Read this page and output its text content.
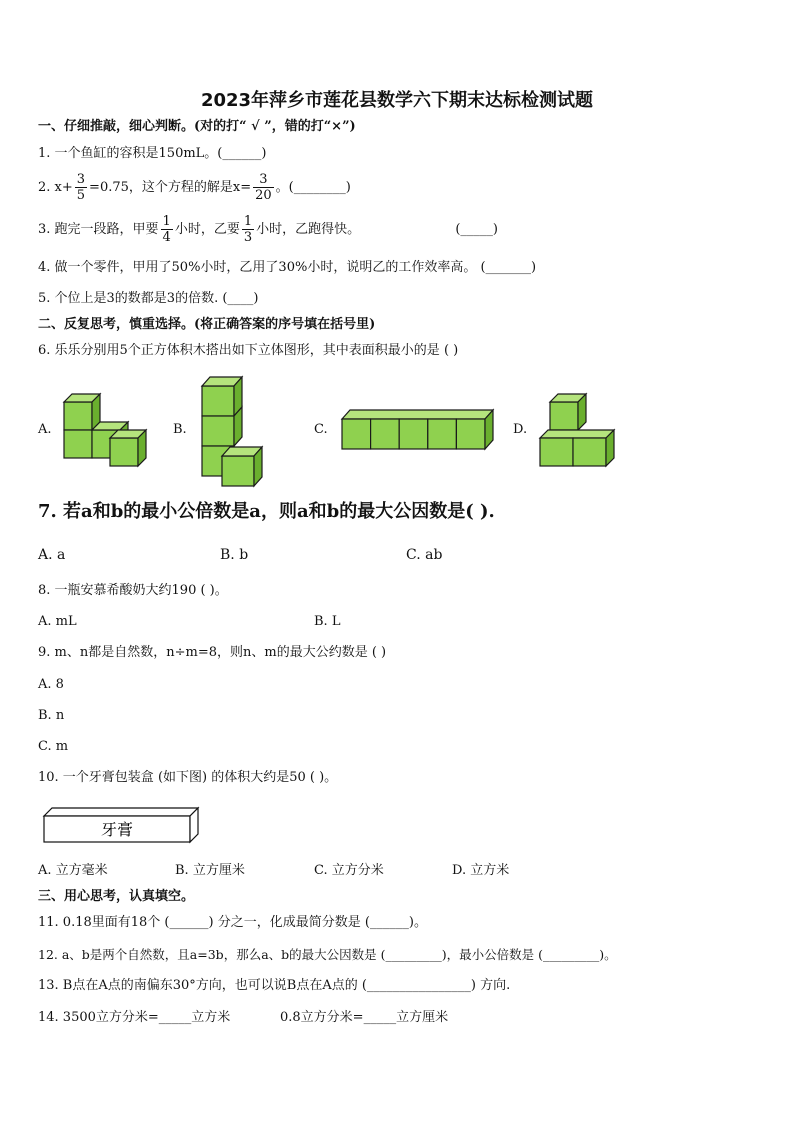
2023年萍乡市莲花县数学六下期末达标检测试题
一、仔细推敲，细心判断。(对的打“ √ ”，错的打“×”)
1. 一个鱼缸的容积是150mL。(______)
2. $x+ \frac{3}{5} =0.75$，这个方程的解是$x= \frac{3}{20}$ 。(________)
3. 跑完一段路，甲要 $\frac{1}{4}$ 小时，乙要 $\frac{1}{3}$ 小时，乙跑得快。	(_____)
4. 做一个零件，甲用了50%小时，乙用了30%小时，说明乙的工作效率高。 (_______)
5. 个位上是3的数都是3的倍数. (____)
二、反复思考，慎重选择。(将正确答案的序号填在括号里)
6. 乐乐分别用5个正方体积木搭出如下立体图形，其中表面积最小的是 ( )
A.	B.	C.	D.
7. 若a和b的最小公倍数是a，则a和b的最大公因数是( ).
A. a	B. b	C. ab
8. 一瓶安慕希酸奶大约190 ( )。
A. mL	B. L
9. m、n都是自然数，n÷m=8，则n、m的最大公约数是 ( )
A. 8
B. n
C. m
10. 一个牙膏包装盒 (如下图) 的体积大约是50 ( )。
牙膏
A. 立方毫米	B. 立方厘米	C. 立方分米	D. 立方米
三、用心思考，认真填空。
11. 0.18里面有18个 (______) 分之一，化成最简分数是 (______)。
12. a、b是两个自然数，且a=3b，那么a、b的最大公因数是 (_________)，最小公倍数是 (_________)。
13. B点在A点的南偏东30°方向，也可以说B点在A点的 (________________) 方向.
14. 3500立方分米=_____立方米	0.8立方分米=_____立方厘米
